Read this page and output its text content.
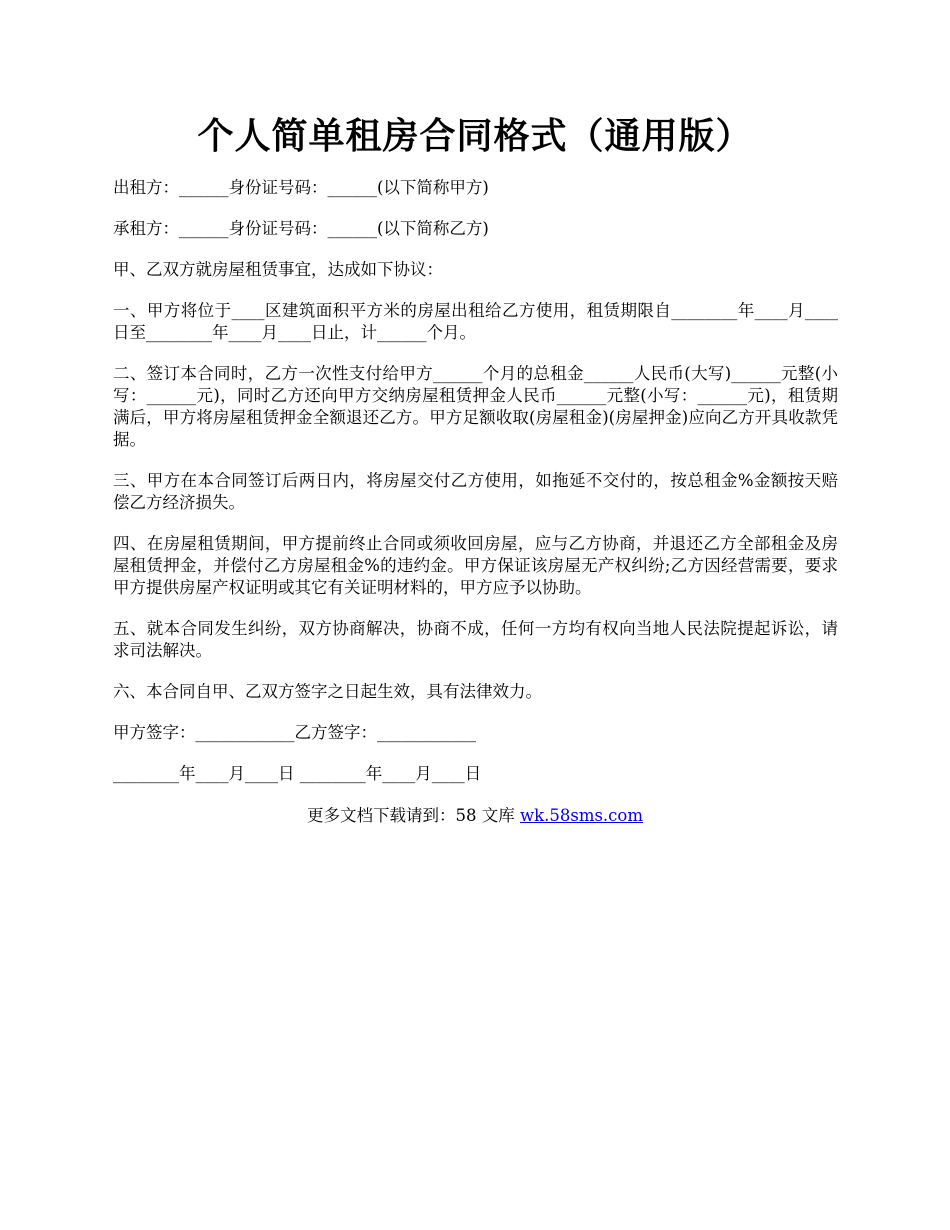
个人简单租房合同格式（通用版）

出租方：______身份证号码：______(以下简称甲方)

承租方：______身份证号码：______(以下简称乙方)

甲、乙双方就房屋租赁事宜，达成如下协议：

一、甲方将位于____区建筑面积平方米的房屋出租给乙方使用，租赁期限自________年____月____日至________年____月____日止，计______个月。

二、签订本合同时，乙方一次性支付给甲方______个月的总租金______人民币(大写)______元整(小写：______元)，同时乙方还向甲方交纳房屋租赁押金人民币______元整(小写：______元)，租赁期满后，甲方将房屋租赁押金全额退还乙方。甲方足额收取(房屋租金)(房屋押金)应向乙方开具收款凭据。

三、甲方在本合同签订后两日内，将房屋交付乙方使用，如拖延不交付的，按总租金%金额按天赔偿乙方经济损失。

四、在房屋租赁期间，甲方提前终止合同或须收回房屋，应与乙方协商，并退还乙方全部租金及房屋租赁押金，并偿付乙方房屋租金%的违约金。甲方保证该房屋无产权纠纷;乙方因经营需要，要求甲方提供房屋产权证明或其它有关证明材料的，甲方应予以协助。

五、就本合同发生纠纷，双方协商解决，协商不成，任何一方均有权向当地人民法院提起诉讼，请求司法解决。

六、本合同自甲、乙双方签字之日起生效，具有法律效力。

甲方签字：____________乙方签字：____________

________年____月____日 ________年____月____日

更多文档下载请到：58 文库 wk.58sms.com
